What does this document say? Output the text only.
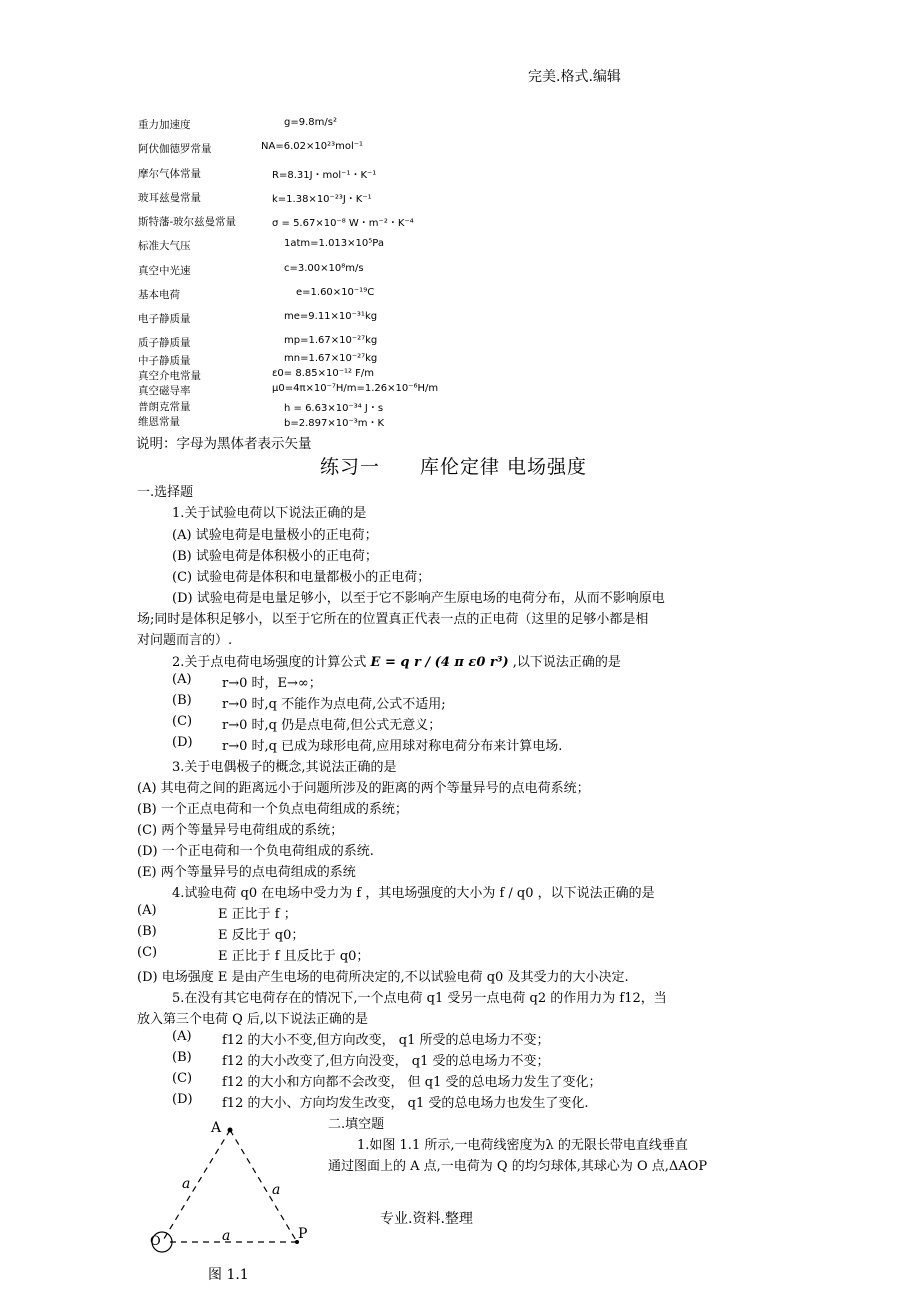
完美.格式.编辑
专业.资料.整理
重力加速度	g=9.8m/s²
阿伏伽德罗常量	NA=6.02×10²³mol⁻¹
摩尔气体常量	R=8.31J・mol⁻¹・K⁻¹
玻耳兹曼常量	k=1.38×10⁻²³J・K⁻¹
斯特藩-玻尔兹曼常量	σ = 5.67×10⁻⁸ W・m⁻²・K⁻⁴
标准大气压	1atm=1.013×10⁵Pa
真空中光速	c=3.00×10⁸m/s
基本电荷	e=1.60×10⁻¹⁹C
电子静质量	me=9.11×10⁻³¹kg
质子静质量	mp=1.67×10⁻²⁷kg
中子静质量	mn=1.67×10⁻²⁷kg
真空介电常量	ε0= 8.85×10⁻¹² F/m
真空磁导率	μ0=4π×10⁻⁷H/m=1.26×10⁻⁶H/m
普朗克常量	h = 6.63×10⁻³⁴ J・s
维恩常量	b=2.897×10⁻³m・K
说明：字母为黑体者表示矢量
练习一　　库伦定律 电场强度
一.选择题
1.关于试验电荷以下说法正确的是
(A) 试验电荷是电量极小的正电荷；
(B) 试验电荷是体积极小的正电荷；
(C) 试验电荷是体积和电量都极小的正电荷；
(D) 试验电荷是电量足够小，以至于它不影响产生原电场的电荷分布，从而不影响原电
场;同时是体积足够小，以至于它所在的位置真正代表一点的正电荷（这里的足够小都是相
对问题而言的）.
2.关于点电荷电场强度的计算公式 E = q r / (4 π ε0 r³) ,以下说法正确的是
(A) r→0 时，E→∞；
(B) r→0 时,q 不能作为点电荷,公式不适用;
(C) r→0 时,q 仍是点电荷,但公式无意义；
(D) r→0 时,q 已成为球形电荷,应用球对称电荷分布来计算电场.
3.关于电偶极子的概念,其说法正确的是
(A) 其电荷之间的距离远小于问题所涉及的距离的两个等量异号的点电荷系统；
(B) 一个正点电荷和一个负点电荷组成的系统；
(C) 两个等量异号电荷组成的系统；
(D) 一个正电荷和一个负电荷组成的系统.
(E) 两个等量异号的点电荷组成的系统
4.试验电荷 q0 在电场中受力为 f ，其电场强度的大小为 f / q0 ，以下说法正确的是
(A)	E 正比于 f ；
(B)	E 反比于 q0；
(C)	E 正比于 f 且反比于 q0；
(D) 电场强度 E 是由产生电场的电荷所决定的,不以试验电荷 q0 及其受力的大小决定.
5.在没有其它电荷存在的情况下,一个点电荷 q1 受另一点电荷 q2 的作用力为 f12，当
放入第三个电荷 Q 后,以下说法正确的是
(A) f12 的大小不变,但方向改变， q1 所受的总电场力不变；
(B) f12 的大小改变了,但方向没变， q1 受的总电场力不变；
(C) f12 的大小和方向都不会改变， 但 q1 受的总电场力发生了变化；
(D) f12 的大小、方向均发生改变， q1 受的总电场力也发生了变化.
二.填空题
1.如图 1.1 所示,一电荷线密度为λ 的无限长带电直线垂直
通过图面上的 A 点,一电荷为 Q 的均匀球体,其球心为 O 点,ΔAOP
A
O	P
a	a
a
图 1.1
